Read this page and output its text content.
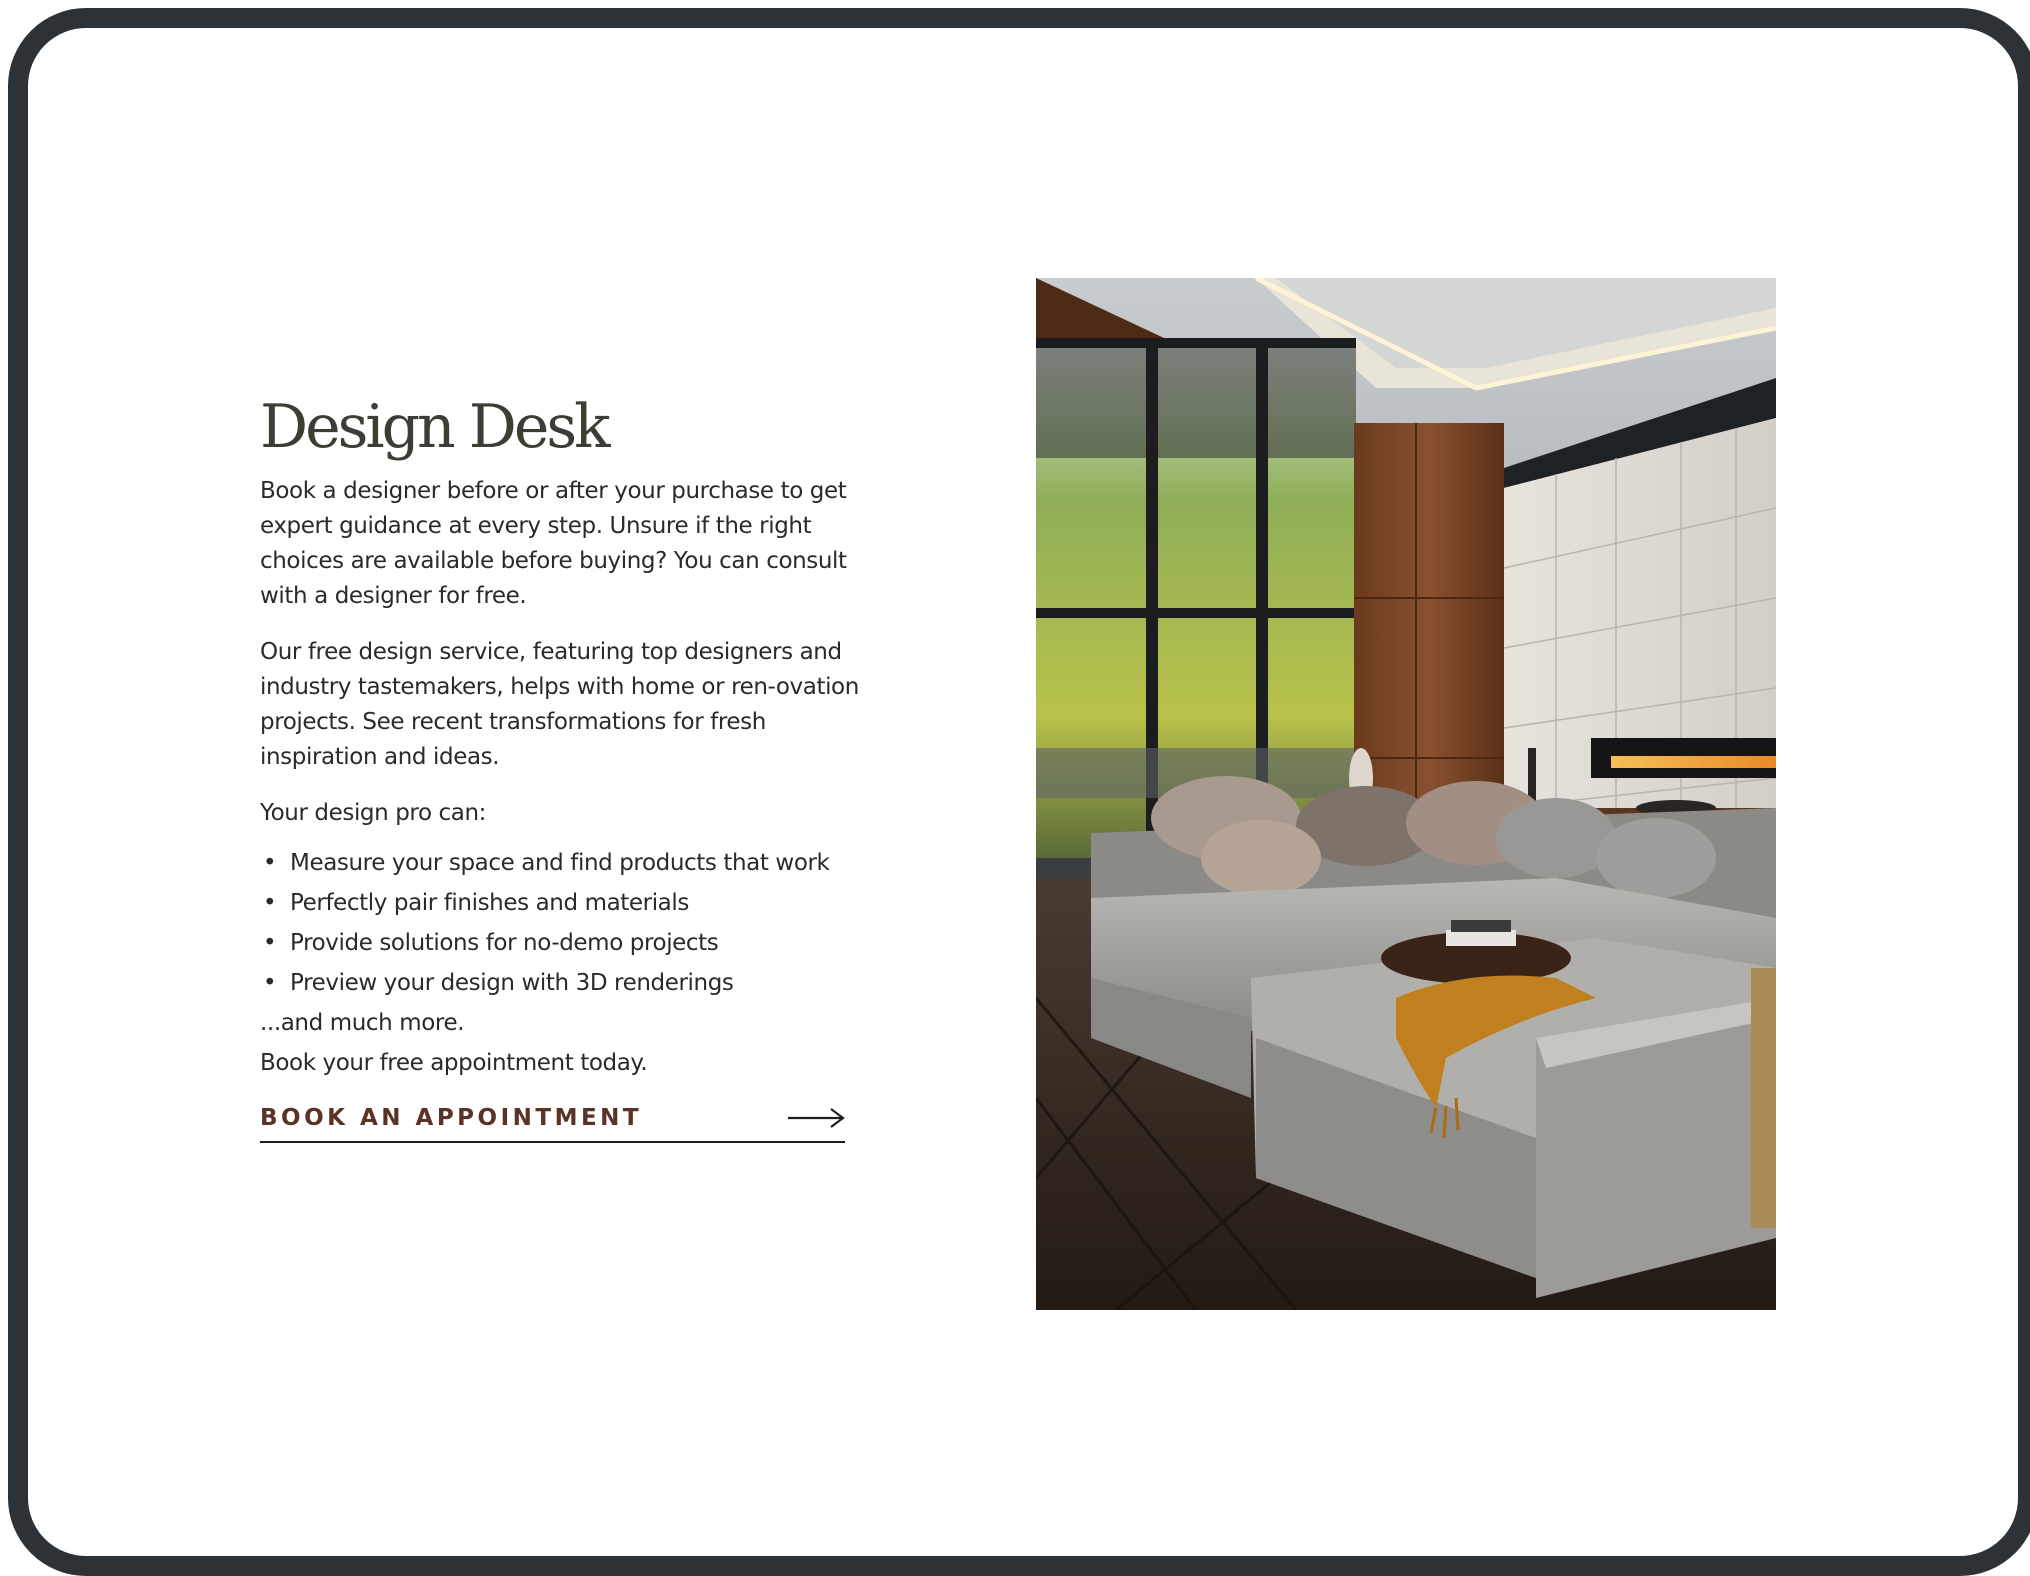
Design Desk

Book a designer before or after your purchase to get expert guidance at every step. Unsure if the right choices are available before buying? You can consult with a designer for free.

Our free design service, featuring top designers and industry tastemakers, helps with home or ren-ovation projects. See recent transformations for fresh inspiration and ideas.

Your design pro can:

• Measure your space and find products that work
• Perfectly pair finishes and materials
• Provide solutions for no-demo projects
• Preview your design with 3D renderings
...and much more.
Book your free appointment today.
BOOK AN APPOINTMENT
